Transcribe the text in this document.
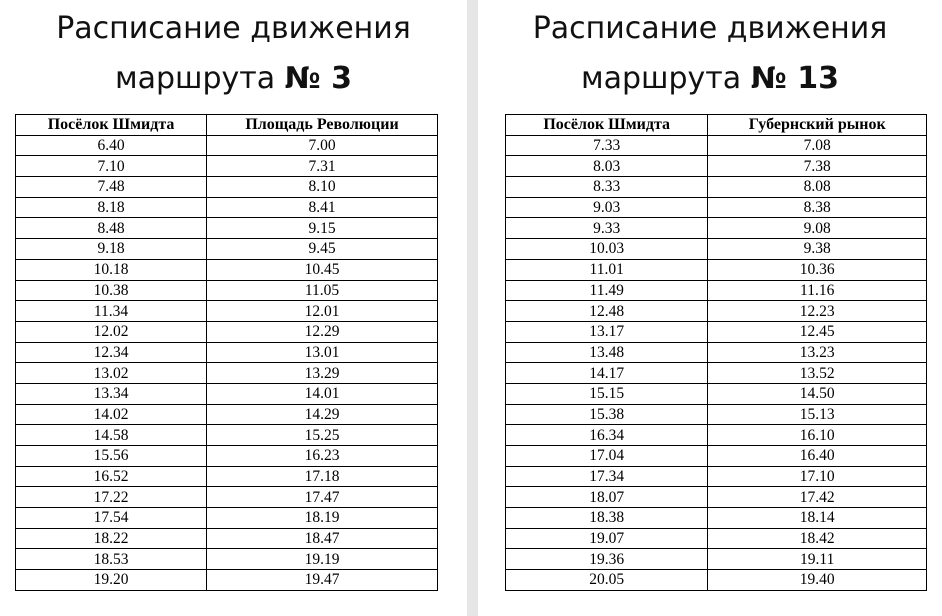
Расписание движения
маршрута № 3
Посёлок Шмидта	Площадь Революции
6.40	7.00
7.10	7.31
7.48	8.10
8.18	8.41
8.48	9.15
9.18	9.45
10.18	10.45
10.38	11.05
11.34	12.01
12.02	12.29
12.34	13.01
13.02	13.29
13.34	14.01
14.02	14.29
14.58	15.25
15.56	16.23
16.52	17.18
17.22	17.47
17.54	18.19
18.22	18.47
18.53	19.19
19.20	19.47
Расписание движения
маршрута № 13
Посёлок Шмидта	Губернский рынок
7.33	7.08
8.03	7.38
8.33	8.08
9.03	8.38
9.33	9.08
10.03	9.38
11.01	10.36
11.49	11.16
12.48	12.23
13.17	12.45
13.48	13.23
14.17	13.52
15.15	14.50
15.38	15.13
16.34	16.10
17.04	16.40
17.34	17.10
18.07	17.42
18.38	18.14
19.07	18.42
19.36	19.11
20.05	19.40
